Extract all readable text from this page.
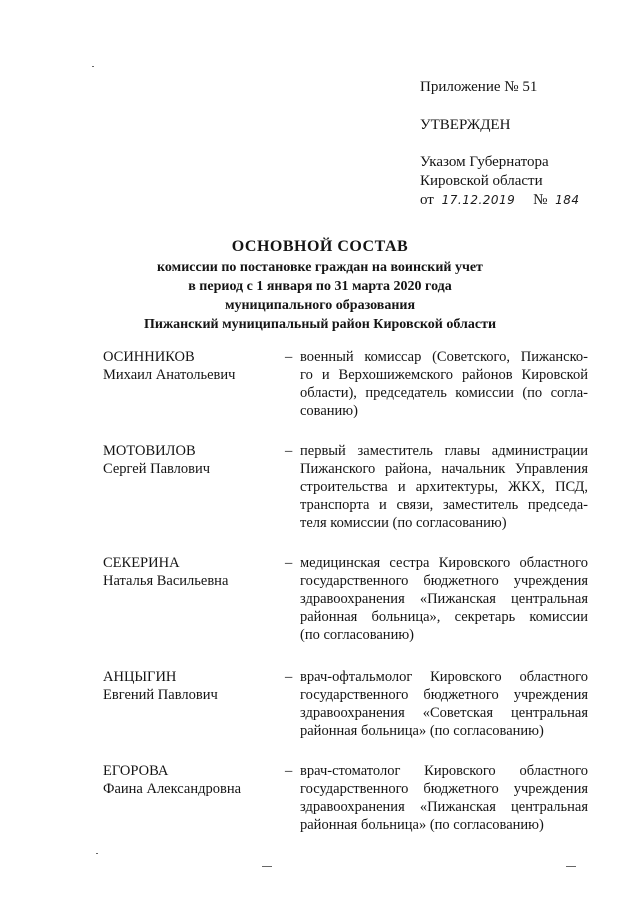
Приложение № 51
УТВЕРЖДЕН
Указом Губернатора
Кировской области
от 17.12.2019 № 184
ОСНОВНОЙ СОСТАВ
комиссии по постановке граждан на воинский учет
в период с 1 января по 31 марта 2020 года
муниципального образования
Пижанский муниципальный район Кировской области
ОСИННИКОВ
Михаил Анатольевич
– военный комиссар (Советского, Пижанско-
го и Верхошижемского районов Кировской
области), председатель комиссии (по согла-
сованию)
МОТОВИЛОВ
Сергей Павлович
– первый заместитель главы администрации
Пижанского района, начальник Управления
строительства и архитектуры, ЖКХ, ПСД,
транспорта и связи, заместитель председа-
теля комиссии (по согласованию)
СЕКЕРИНА
Наталья Васильевна
– медицинская сестра Кировского областного
государственного бюджетного учреждения
здравоохранения «Пижанская центральная
районная больница», секретарь комиссии
(по согласованию)
АНЦЫГИН
Евгений Павлович
– врач-офтальмолог Кировского областного
государственного бюджетного учреждения
здравоохранения «Советская центральная
районная больница» (по согласованию)
ЕГОРОВА
Фаина Александровна
– врач-стоматолог Кировского областного
государственного бюджетного учреждения
здравоохранения «Пижанская центральная
районная больница» (по согласованию)
